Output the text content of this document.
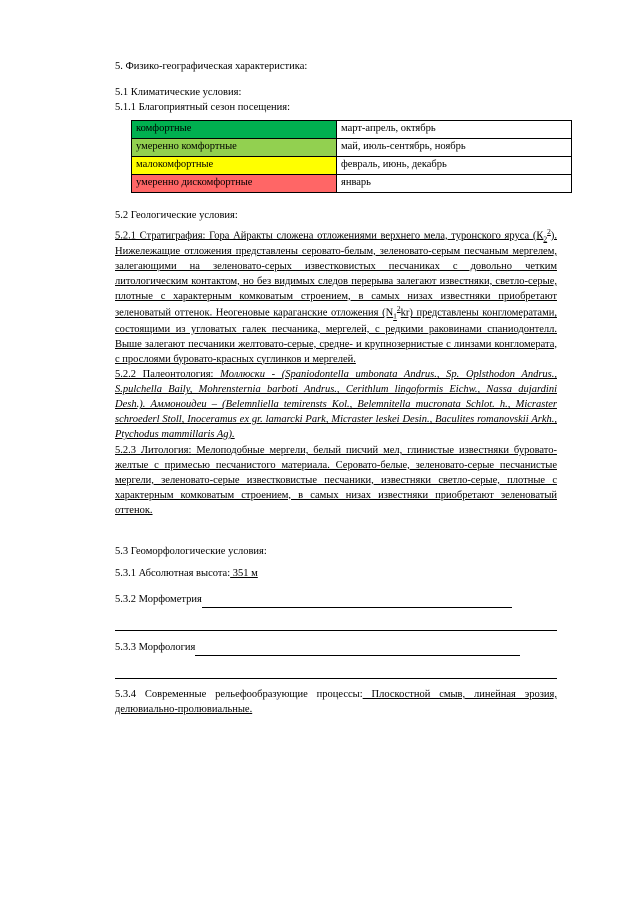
5. Физико-географическая характеристика:
5.1 Климатические условия:
5.1.1 Благоприятный сезон посещения:
комфортные	март-апрель, октябрь
умеренно комфортные	май, июль-сентябрь, ноябрь
малокомфортные	февраль, июнь, декабрь
умеренно дискомфортные	январь
5.2 Геологические условия:
5.2.1 Стратиграфия: Гора Айракты сложена отложениями верхнего мела, туронского яруса $(К_2^2)$. Нижележащие отложения представлены серовато-белым, зеленовато-серым песчаным мергелем, залегающими на зеленовато-серых известковистых песчаниках с довольно четким литологическим контактом, но без видимых следов перерыва залегают известняки, светло-серые, плотные с характерным комковатым строением, в самых низах известняки приобретают зеленоватый оттенок. Неогеновые караганские отложения $(N_1^2kr)$ представлены конгломератами, состоящими из угловатых галек песчаника, мергелей, с редкими раковинами спаниодонтелл. Выше залегают песчаники желтовато-серые, средне- и крупнозернистые с линзами конгломерата, с прослоями буровато-красных суглинков и мергелей.
5.2.2 Палеонтология: Моллюски - (Spaniodontella umbonata Andrus., Sp. Oplsthodon Andrus., S.pulchella Baily, Mohrensternia barboti Andrus., Cerithlum lingoformis Eichw., Nassa dujardini Desh.). Аммоноидеи – (Belemnliella temirensts Kol., Belemnitella mucronata Schlot. h., Micraster schroederl Stoll, Inoceramus ex gr. lamarcki Park, Micraster leskei Desin., Baculites romanovskii Arkh., Ptychodus mammillaris Ag).
5.2.3 Литология: Мелоподобные мергели, белый писчий мел, глинистые известняки буровато-желтые с примесью песчанистого материала. Серовато-белые, зеленовато-серые песчанистые мергели, зеленовато-серые известковистые песчаники, известняки светло-серые, плотные с характерным комковатым строением, в самых низах известняки приобретают зеленоватый оттенок.
5.3 Геоморфологические условия:
5.3.1 Абсолютная высота: 351 м
5.3.2 Морфометрия
5.3.3 Морфология
5.3.4 Современные рельефообразующие процессы: Плоскостной смыв, линейная эрозия, делювиально-пролювиальные.
